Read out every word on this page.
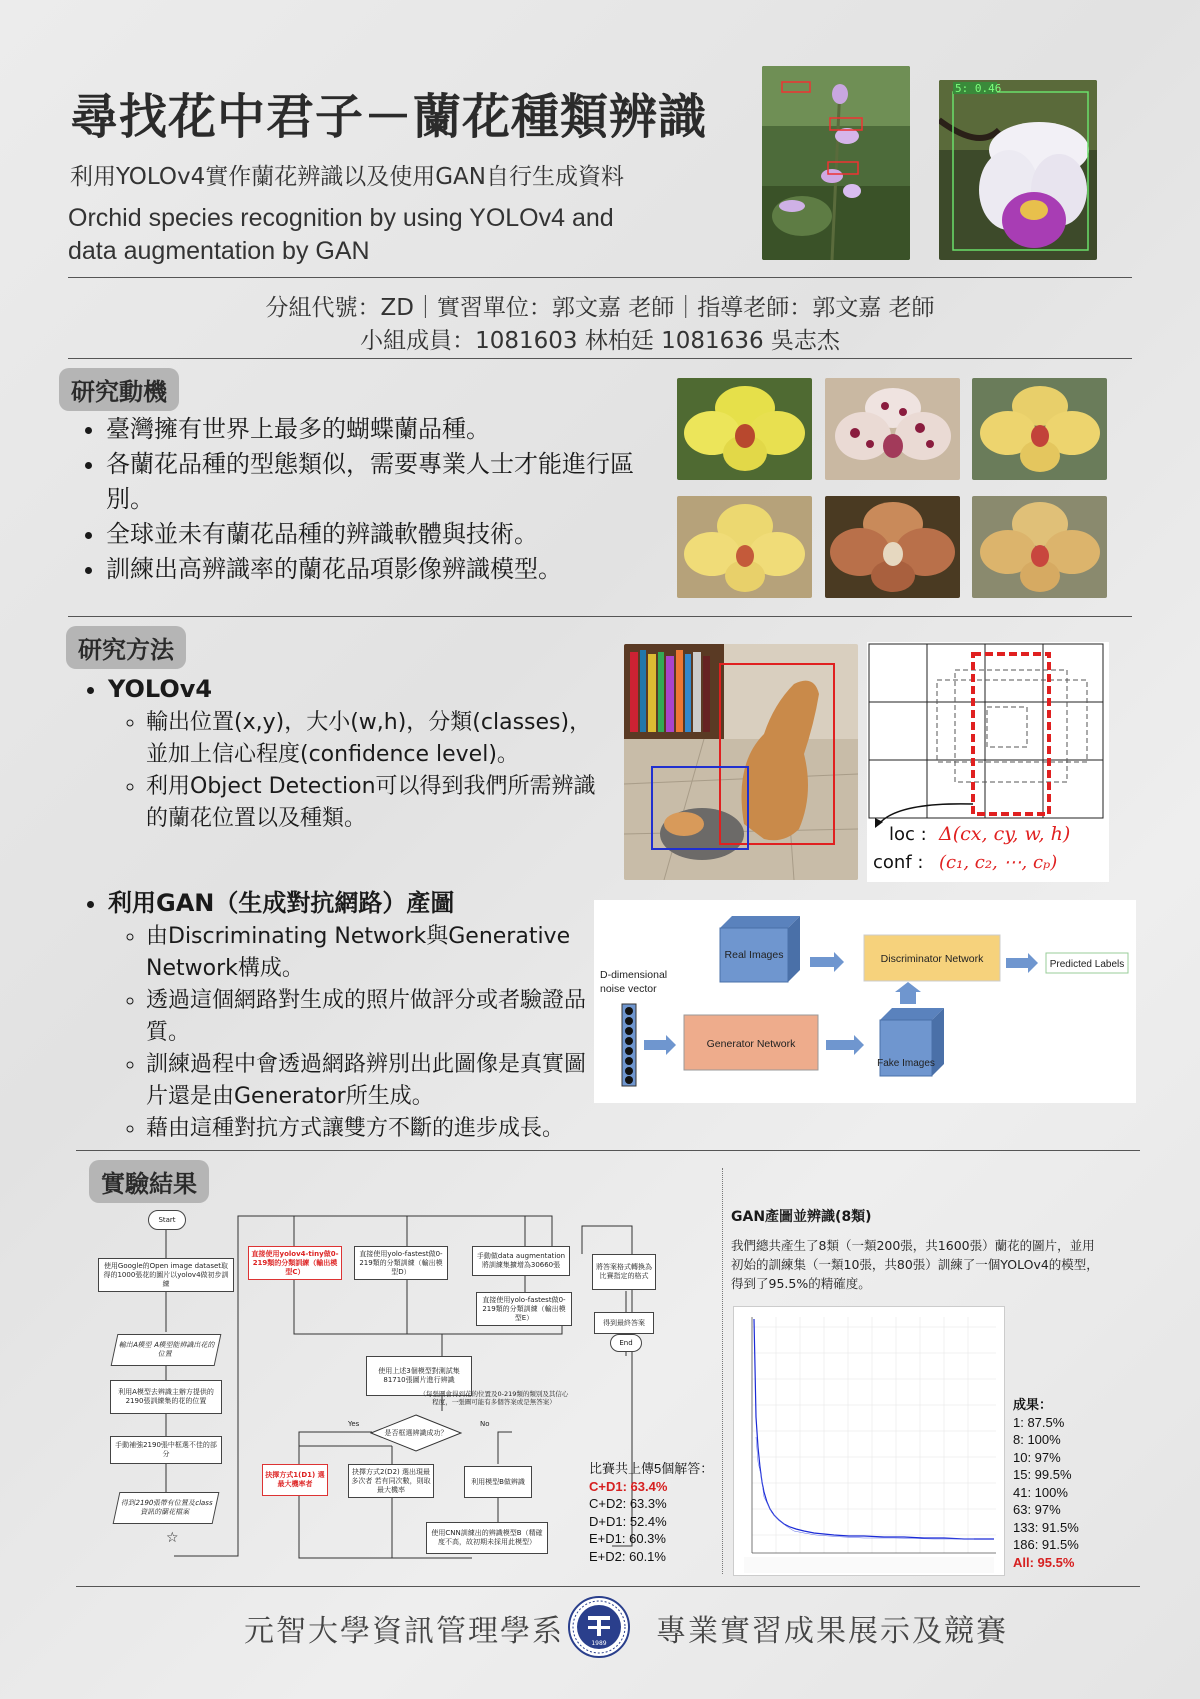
尋找花中君子－蘭花種類辨識
利用YOLOv4實作蘭花辨識以及使用GAN自行生成資料
Orchid species recognition by using YOLOv4 and
data augmentation by GAN
5: 0.46
分組代號：ZD｜實習單位：郭文嘉 老師｜指導老師：郭文嘉 老師
小組成員：1081603 林柏廷 1081636 吳志杰
研究動機
• 臺灣擁有世界上最多的蝴蝶蘭品種。
• 各蘭花品種的型態類似，需要專業人士才能進行區別。
• 全球並未有蘭花品種的辨識軟體與技術。
• 訓練出高辨識率的蘭花品項影像辨識模型。
研究方法
• YOLOv4
◦ 輸出位置(x,y)，大小(w,h)，分類(classes)，並加上信心程度(confidence level)。
◦ 利用Object Detection可以得到我們所需辨識的蘭花位置以及種類。
• 利用GAN（生成對抗網路）產圖
◦ 由Discriminating Network與Generative Network構成。
◦ 透過這個網路對生成的照片做評分或者驗證品質。
◦ 訓練過程中會透過網路辨別出此圖像是真實圖片還是由Generator所生成。
◦ 藉由這種對抗方式讓雙方不斷的進步成長。
loc : Δ(cx, cy, w, h)
conf : (c₁, c₂, ⋯, cₚ)
D-dimensional
noise vector
Generator Network
Fake Images
Real Images	Discriminator Network	Predicted Labels
實驗結果
Start
使用Google的Open image dataset取得的1000張花的圖片以yolov4做初步訓練
輸出A模型 A模型能辨識出花的位置
利用A模型去辨識主辦方提供的2190張訓練集的花的位置
手動補強2190張中框選不佳的部分
得到2190張帶有位置及class資訊的蘭花檔案
☆
直接使用yolov4-tiny做0-219類的分類訓練（輸出模型C）
直接使用yolo-fastest做0-219類的分類訓練（輸出模型D）
手動做data augmentation將訓練集擴增為30660張
直接使用yolo-fastest做0-219類的分類訓練（輸出模型E）
使用上述3個模型對測試集81710張圖片進行辨識
（每張圖會得到花的位置及0-219類的類別及其信心程度，一張圖可能有多個答案或是無答案）
是否框選辨識成功？
Yes	No
抉擇方式1(D1) 選最大機率者
抉擇方式2(D2) 選出現最多次者 若有同次數，則取最大機率
利用模型B做辨識
使用CNN訓練出的辨識模型B（精確度不高，故初期未採用此模型）
將答案格式轉換為比賽指定的格式
得到最終答案
End
比賽共上傳5個解答：
C+D1: 63.4%
C+D2: 63.3%
D+D1: 52.4%
E+D1: 60.3%
E+D2: 60.1%
GAN產圖並辨識(8類)
我們總共產生了8類（一類200張，共1600張）蘭花的圖片，並用初始的訓練集（一類10張，共80張）訓練了一個YOLOv4的模型，得到了95.5%的精確度。
成果：
1: 87.5%
8: 100%
10: 97%
15: 99.5%
41: 100%
63: 97%
133: 91.5%
186: 91.5%
All: 95.5%
元智大學資訊管理學系	1989 專業實習成果展示及競賽
